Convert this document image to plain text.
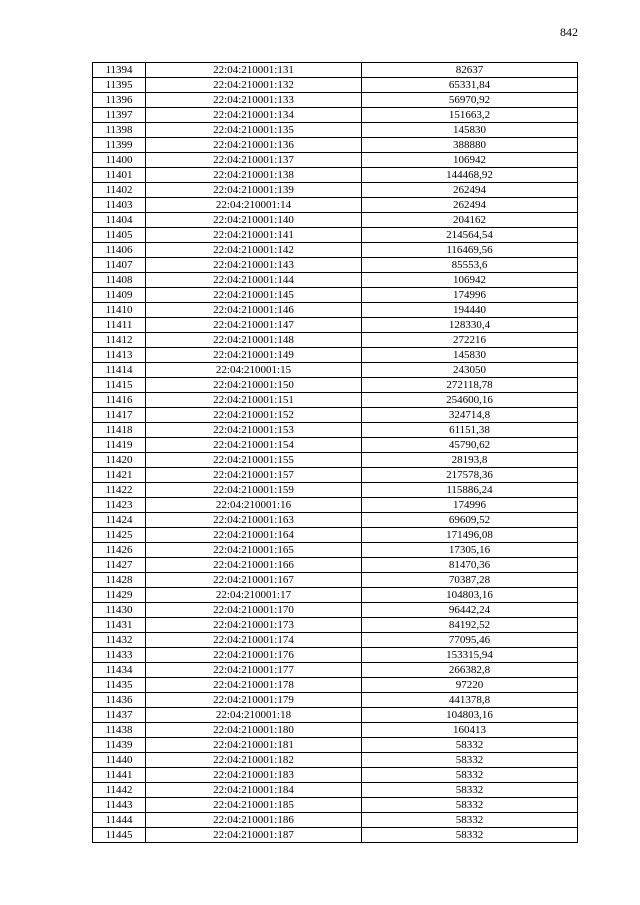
842
11394	22:04:210001:131	82637
11395	22:04:210001:132	65331,84
11396	22:04:210001:133	56970,92
11397	22:04:210001:134	151663,2
11398	22:04:210001:135	145830
11399	22:04:210001:136	388880
11400	22:04:210001:137	106942
11401	22:04:210001:138	144468,92
11402	22:04:210001:139	262494
11403	22:04:210001:14	262494
11404	22:04:210001:140	204162
11405	22:04:210001:141	214564,54
11406	22:04:210001:142	116469,56
11407	22:04:210001:143	85553,6
11408	22:04:210001:144	106942
11409	22:04:210001:145	174996
11410	22:04:210001:146	194440
11411	22:04:210001:147	128330,4
11412	22:04:210001:148	272216
11413	22:04:210001:149	145830
11414	22:04:210001:15	243050
11415	22:04:210001:150	272118,78
11416	22:04:210001:151	254600,16
11417	22:04:210001:152	324714,8
11418	22:04:210001:153	61151,38
11419	22:04:210001:154	45790,62
11420	22:04:210001:155	28193,8
11421	22:04:210001:157	217578,36
11422	22:04:210001:159	115886,24
11423	22:04:210001:16	174996
11424	22:04:210001:163	69609,52
11425	22:04:210001:164	171496,08
11426	22:04:210001:165	17305,16
11427	22:04:210001:166	81470,36
11428	22:04:210001:167	70387,28
11429	22:04:210001:17	104803,16
11430	22:04:210001:170	96442,24
11431	22:04:210001:173	84192,52
11432	22:04:210001:174	77095,46
11433	22:04:210001:176	153315,94
11434	22:04:210001:177	266382,8
11435	22:04:210001:178	97220
11436	22:04:210001:179	441378,8
11437	22:04:210001:18	104803,16
11438	22:04:210001:180	160413
11439	22:04:210001:181	58332
11440	22:04:210001:182	58332
11441	22:04:210001:183	58332
11442	22:04:210001:184	58332
11443	22:04:210001:185	58332
11444	22:04:210001:186	58332
11445	22:04:210001:187	58332
